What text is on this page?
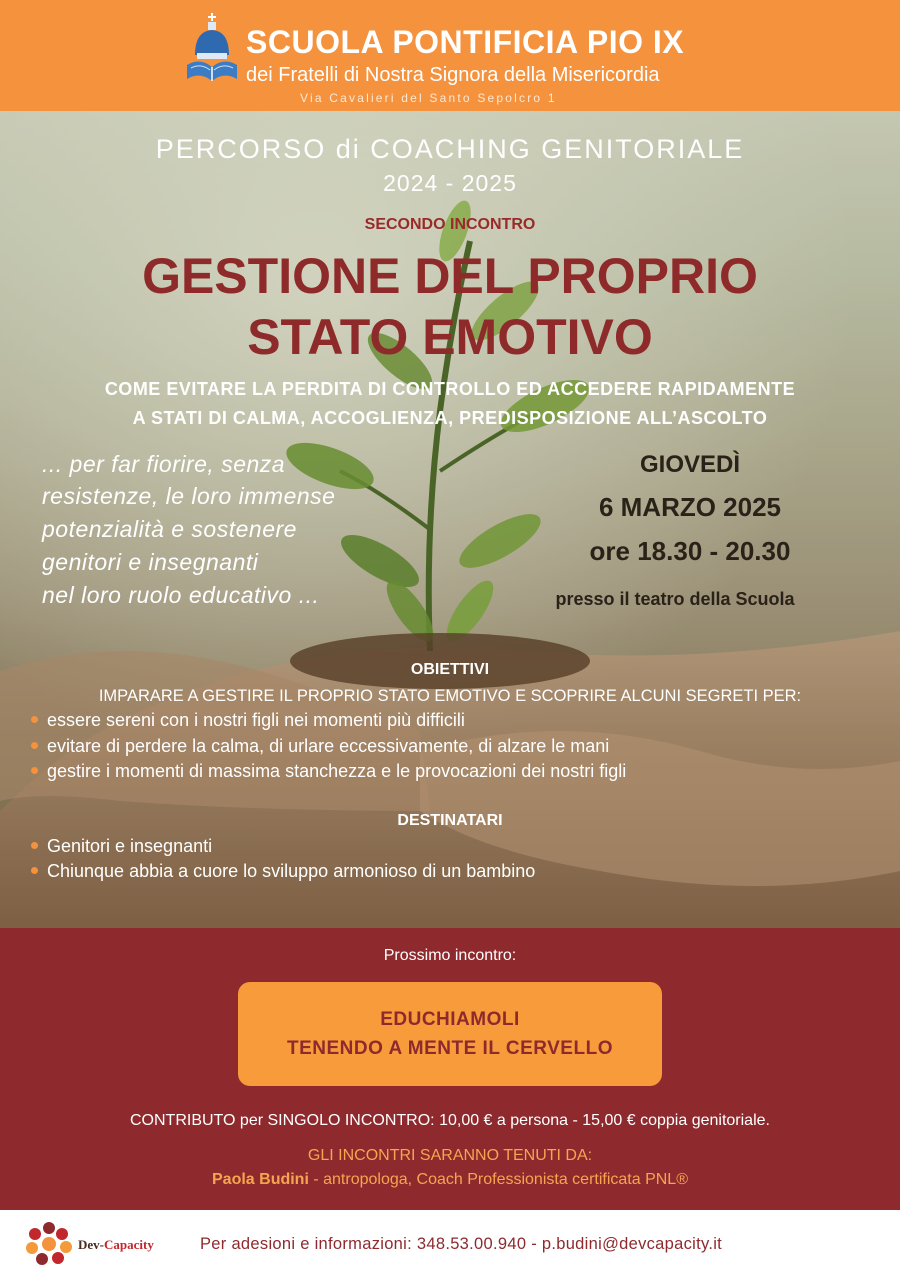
SCUOLA PONTIFICIA PIO IX
dei Fratelli di Nostra Signora della Misericordia
Via Cavalieri del Santo Sepolcro 1
PERCORSO di COACHING GENITORIALE
2024 - 2025
SECONDO INCONTRO
GESTIONE DEL PROPRIO
STATO EMOTIVO
COME EVITARE LA PERDITA DI CONTROLLO ED ACCEDERE RAPIDAMENTE
A STATI DI CALMA, ACCOGLIENZA, PREDISPOSIZIONE ALL’ASCOLTO
... per far fiorire, senza
resistenze, le loro immense
potenzialità e sostenere
genitori e insegnanti
nel loro ruolo educativo ...
GIOVEDÌ
6 MARZO 2025
ore 18.30 - 20.30
presso il teatro della Scuola
OBIETTIVI
IMPARARE A GESTIRE IL PROPRIO STATO EMOTIVO E SCOPRIRE ALCUNI SEGRETI PER:
essere sereni con i nostri figli nei momenti più difficili
evitare di perdere la calma, di urlare eccessivamente, di alzare le mani
gestire i momenti di massima stanchezza e le provocazioni dei nostri figli
DESTINATARI
Genitori e insegnanti
Chiunque abbia a cuore lo sviluppo armonioso di un bambino
Prossimo incontro:
EDUCHIAMOLI
TENENDO A MENTE IL CERVELLO
CONTRIBUTO per SINGOLO INCONTRO: 10,00 € a persona - 15,00 € coppia genitoriale.
GLI INCONTRI SARANNO TENUTI DA:
Paola Budini - antropologa, Coach Professionista certificata PNL®
Dev-Capacity	Per adesioni e informazioni: 348.53.00.940 - p.budini@devcapacity.it
